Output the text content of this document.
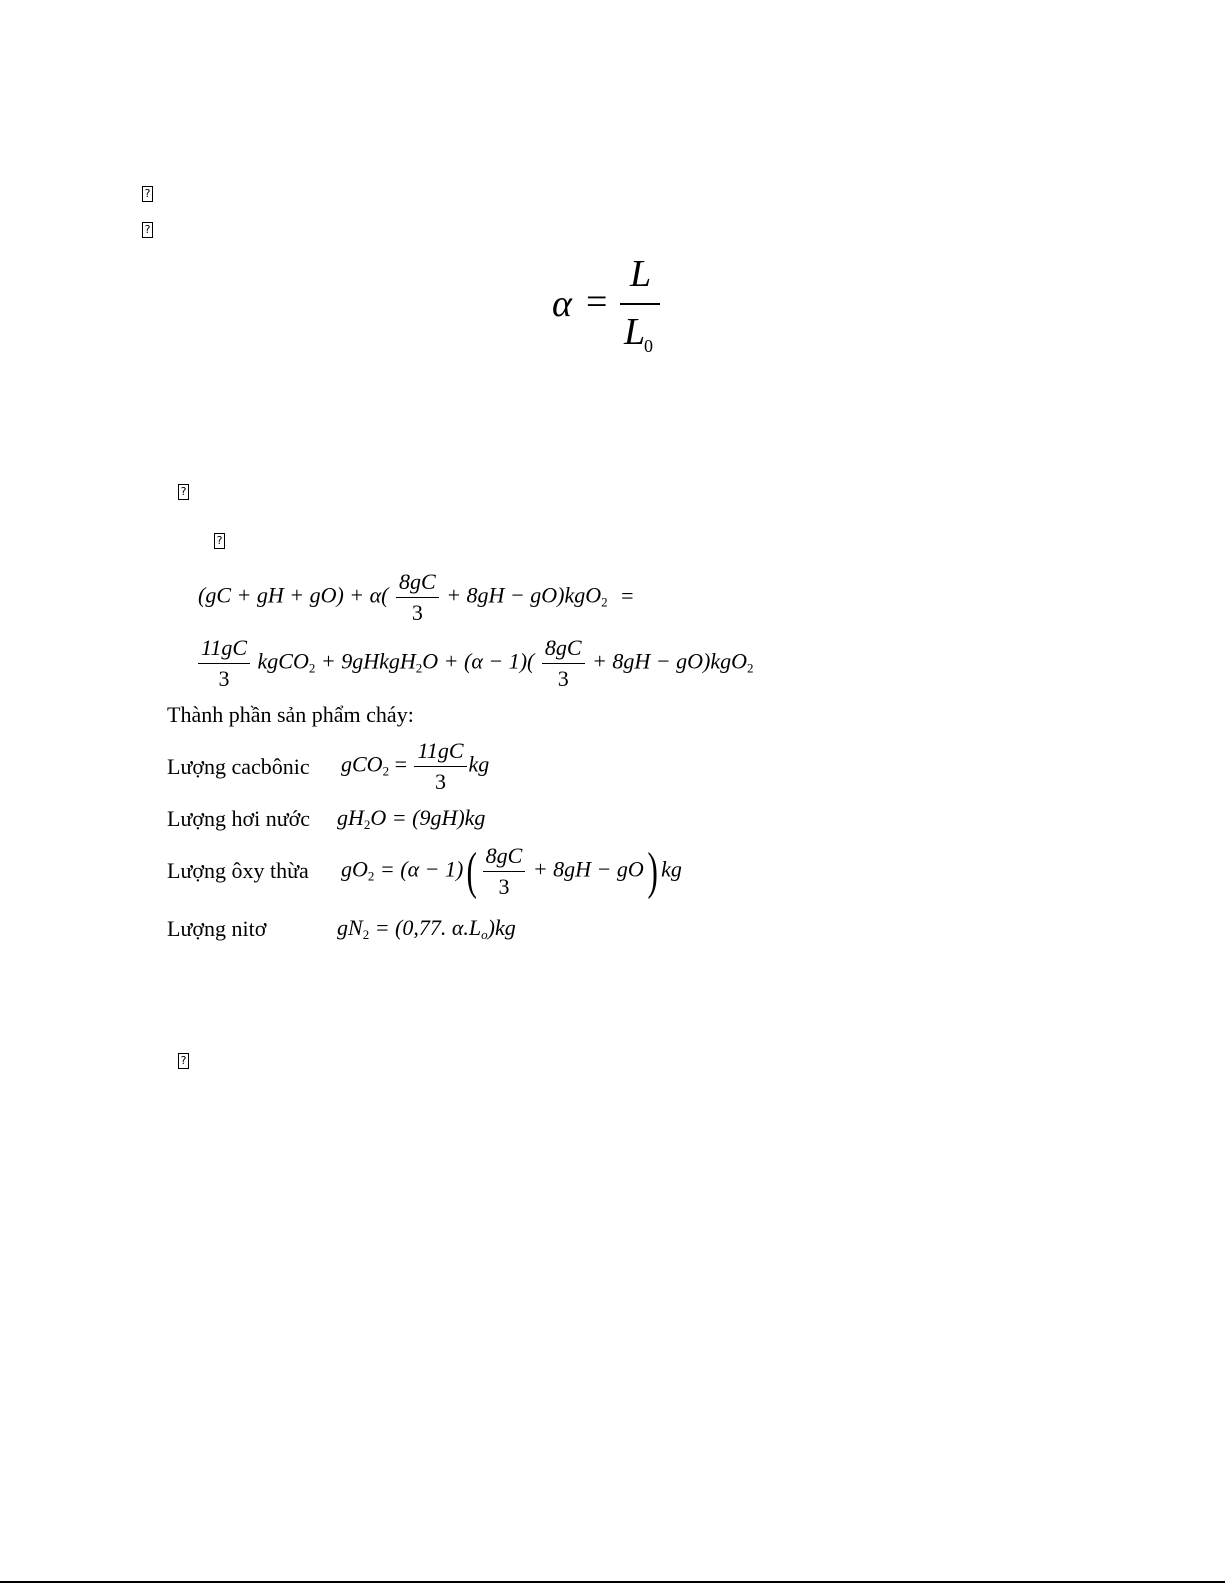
?
?
α =
L
L
0
?
?
(gC + gH + $gO) + \alpha( \frac{8gC}{3} + 8gH - gO)kgO_2$ =
$\frac{11gC}{3}$ kgCO$_2$ + 9gHkgH$_2$O + $(\alpha - 1)( \frac{8gC}{3} + 8gH - gO)kgO_2$
Thành phần sản phẩm cháy:
Lượng cacbônic $gCO_2 = \frac{11gC}{3}$ kg
Lượng hơi nước $gH_2O = (9gH)kg$
Lượng ôxy thừa $gO_2 = (\alpha - 1)( \frac{8gC}{3} + 8gH - gO)$ kg
Lượng nitơ	$gN_2 = (0,77$. $\alpha.L_o)kg$
?
